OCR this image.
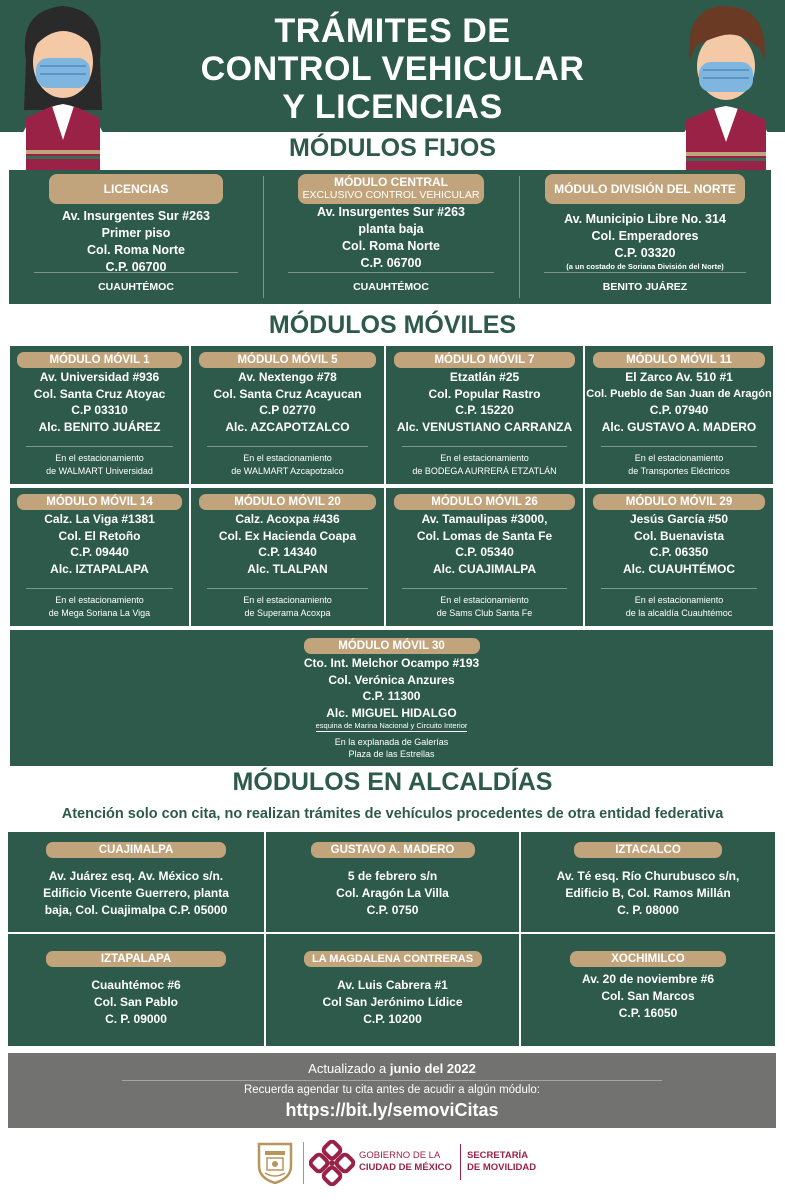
TRÁMITES DE
CONTROL VEHICULAR
Y LICENCIAS
MÓDULOS FIJOS
LICENCIAS
Av. Insurgentes Sur #263
Primer piso
Col. Roma Norte
C.P. 06700
CUAUHTÉMOC
MÓDULO CENTRAL
EXCLUSIVO CONTROL VEHICULAR
Av. Insurgentes Sur #263
planta baja
Col. Roma Norte
C.P. 06700
CUAUHTÉMOC
MÓDULO DIVISIÓN DEL NORTE
Av. Municipio Libre No. 314
Col. Emperadores
C.P. 03320
(a un costado de Soriana División del Norte)
BENITO JUÁREZ
MÓDULOS MÓVILES
MÓDULO MÓVIL 1
Av. Universidad #936
Col. Santa Cruz Atoyac
C.P 03310
Alc. BENITO JUÁREZ
En el estacionamiento
de WALMART Universidad
MÓDULO MÓVIL 5
Av. Nextengo #78
Col. Santa Cruz Acayucan
C.P 02770
Alc. AZCAPOTZALCO
En el estacionamiento
de WALMART Azcapotzalco
MÓDULO MÓVIL 7
Etzatlán #25
Col. Popular Rastro
C.P. 15220
Alc. VENUSTIANO CARRANZA
En el estacionamiento
de BODEGA AURRERÁ ETZATLÁN
MÓDULO MÓVIL 11
El Zarco Av. 510 #1
Col. Pueblo de San Juan de Aragón
C.P. 07940
Alc. GUSTAVO A. MADERO
En el estacionamiento
de Transportes Eléctricos
MÓDULO MÓVIL 14
Calz. La Viga #1381
Col. El Retoño
C.P. 09440
Alc. IZTAPALAPA
En el estacionamiento
de Mega Soriana La Viga
MÓDULO MÓVIL 20
Calz. Acoxpa #436
Col. Ex Hacienda Coapa
C.P. 14340
Alc. TLALPAN
En el estacionamiento
de Superama Acoxpa
MÓDULO MÓVIL 26
Av. Tamaulipas #3000,
Col. Lomas de Santa Fe
C.P. 05340
Alc. CUAJIMALPA
En el estacionamiento
de Sams Club Santa Fe
MÓDULO MÓVIL 29
Jesús García #50
Col. Buenavista
C.P. 06350
Alc. CUAUHTÉMOC
En el estacionamiento
de la alcaldía Cuauhtémoc
MÓDULO MÓVIL 30
Cto. Int. Melchor Ocampo #193
Col. Verónica Anzures
C.P. 11300
Alc. MIGUEL HIDALGO
esquina de Marina Nacional y Circuito Interior
En la explanada de Galerías
Plaza de las Estrellas
MÓDULOS EN ALCALDÍAS
Atención solo con cita, no realizan trámites de vehículos procedentes de otra entidad federativa
CUAJIMALPA
Av. Juárez esq. Av. México s/n.
Edificio Vicente Guerrero, planta
baja, Col. Cuajimalpa C.P. 05000
GUSTAVO A. MADERO
5 de febrero s/n
Col. Aragón La Villa
C.P. 0750
IZTACALCO
Av. Té esq. Río Churubusco s/n,
Edificio B, Col. Ramos Millán
C. P. 08000
IZTAPALAPA
Cuauhtémoc #6
Col. San Pablo
C. P. 09000
LA MAGDALENA CONTRERAS
Av. Luis Cabrera #1
Col San Jerónimo Lídice
C.P. 10200
XOCHIMILCO
Av. 20 de noviembre #6
Col. San Marcos
C.P. 16050
Actualizado a junio del 2022
Recuerda agendar tu cita antes de acudir a algún módulo:
https://bit.ly/semoviCitas
GOBIERNO DE LA
CIUDAD DE MÉXICO
SECRETARÍA
DE MOVILIDAD
